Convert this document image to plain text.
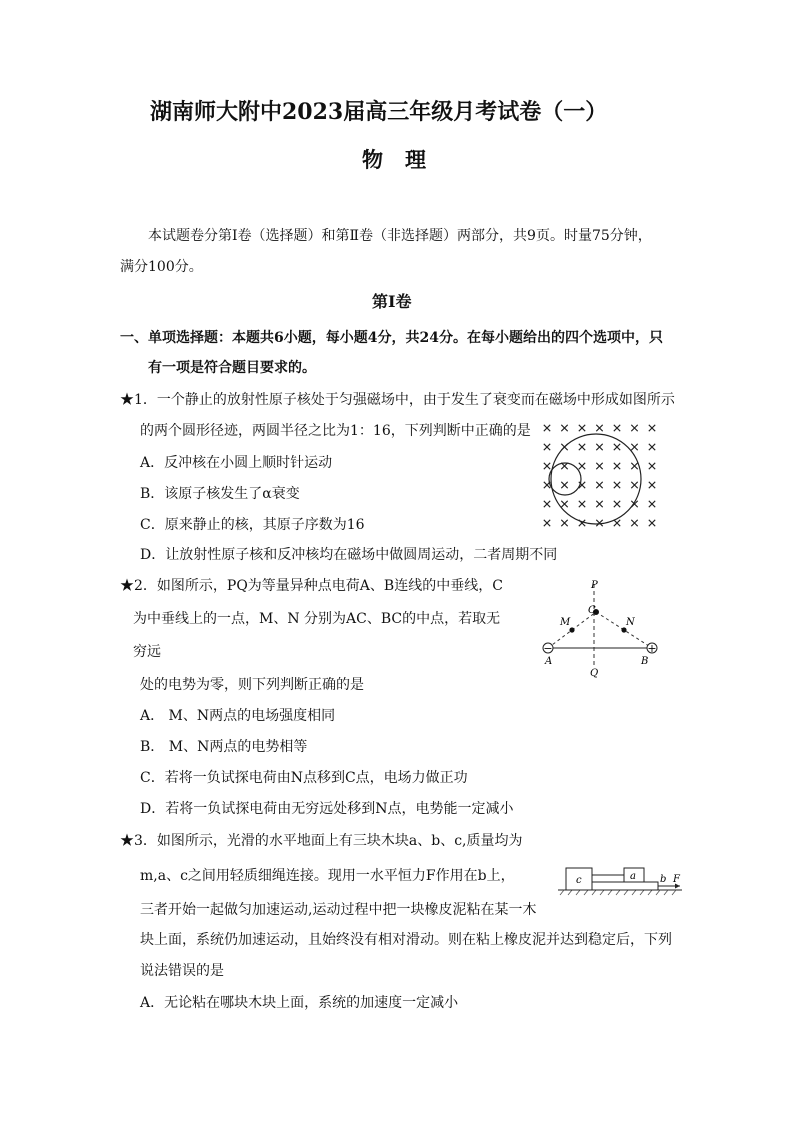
湖南师大附中2023届高三年级月考试卷（一）
物理
本试题卷分第Ⅰ卷（选择题）和第Ⅱ卷（非选择题）两部分，共9页。时量75分钟，
满分100分。
第Ⅰ卷
一、单项选择题：本题共6小题，每小题4分，共24分。在每小题给出的四个选项中，只
有一项是符合题目要求的。
★1．一个静止的放射性原子核处于匀强磁场中，由于发生了衰变而在磁场中形成如图所示
的两个圆形径迹，两圆半径之比为1：16，下列判断中正确的是
A．反冲核在小圆上顺时针运动
B．该原子核发生了α衰变
C．原来静止的核，其原子序数为16
D．让放射性原子核和反冲核均在磁场中做圆周运动，二者周期不同
★2．如图所示，PQ为等量异种点电荷A、B连线的中垂线，C
为中垂线上的一点，M、N 分别为AC、BC的中点，若取无
穷远
处的电势为零，则下列判断正确的是
A． M、N两点的电场强度相同
B． M、N两点的电势相等
C．若将一负试探电荷由N点移到C点，电场力做正功
D．若将一负试探电荷由无穷远处移到N点，电势能一定减小
−	+
P
Q
C
M	N
A	B
★3．如图所示，光滑的水平地面上有三块木块a、b、c,质量均为
m,a、c之间用轻质细绳连接。现用一水平恒力F作用在b上，
三者开始一起做匀加速运动,运动过程中把一块橡皮泥粘在某一木
块上面，系统仍加速运动，且始终没有相对滑动。则在粘上橡皮泥并达到稳定后，下列
说法错误的是
A．无论粘在哪块木块上面，系统的加速度一定减小
c	a b F
